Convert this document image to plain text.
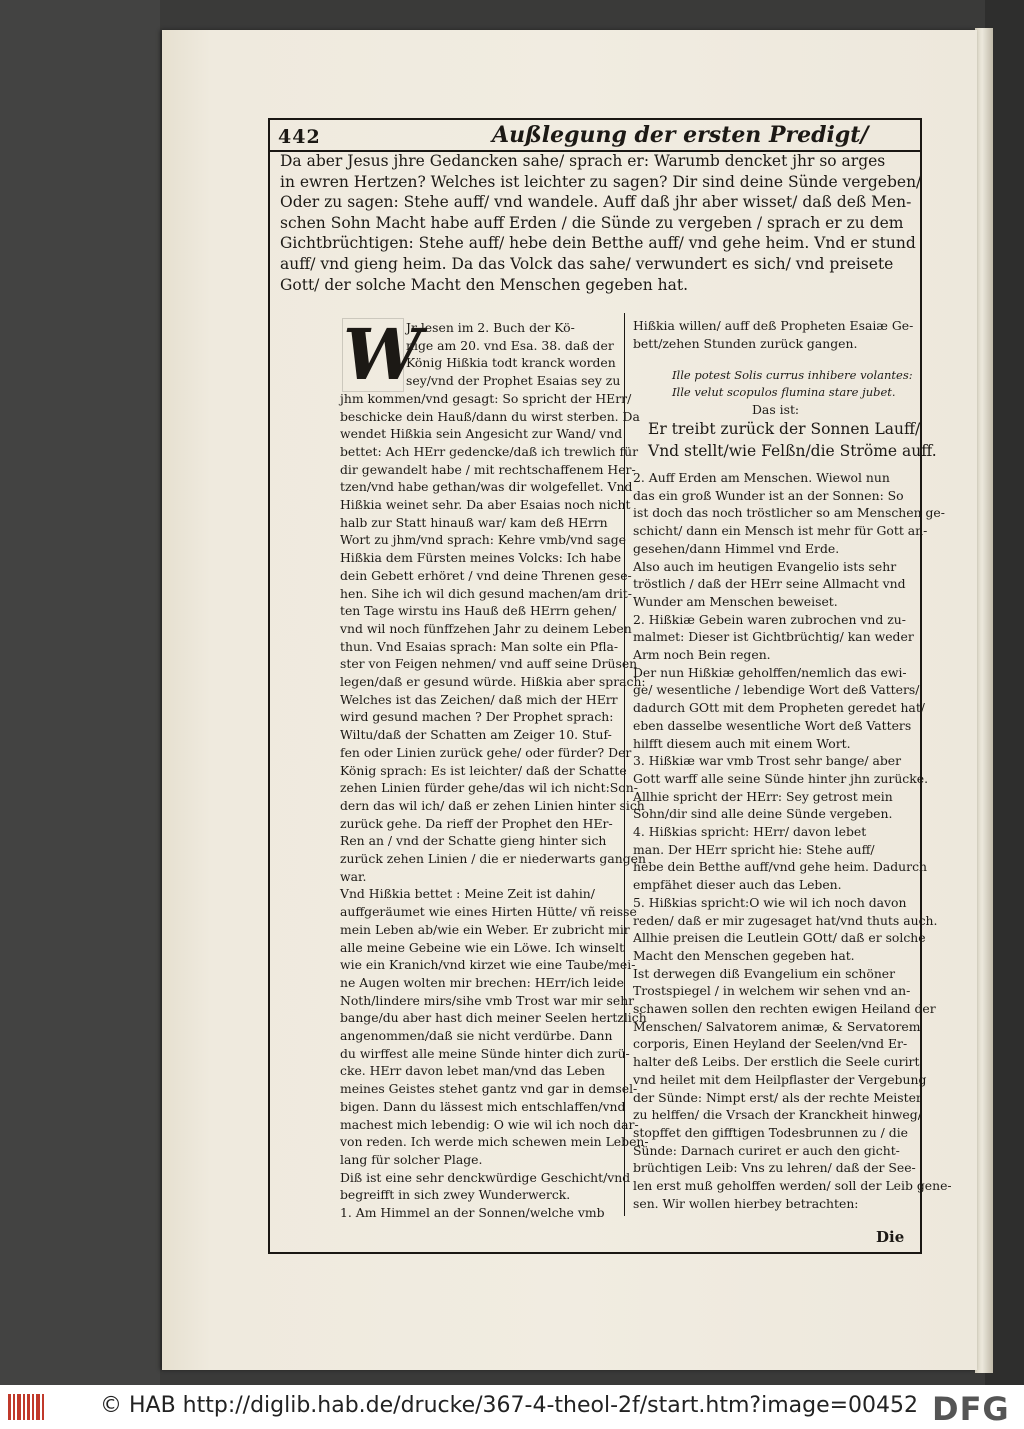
442	Außlegung der ersten Predigt/
Da aber Jesus jhre Gedancken sahe/ sprach er: Warumb dencket jhr so arges
in ewren Hertzen? Welches ist leichter zu sagen? Dir sind deine Sünde vergeben/
Oder zu sagen: Stehe auff/ vnd wandele. Auff daß jhr aber wisset/ daß deß Men-
schen Sohn Macht habe auff Erden / die Sünde zu vergeben / sprach er zu dem
Gichtbrüchtigen: Stehe auff/ hebe dein Betthe auff/ vnd gehe heim. Vnd er stund
auff/ vnd gieng heim. Da das Volck das sahe/ verwundert es sich/ vnd preisete
Gott/ der solche Macht den Menschen gegeben hat.
W
Jr lesen im 2. Buch der Kö-
nige am 20. vnd Esa. 38. daß der
König Hißkia todt kranck worden
sey/vnd der Prophet Esaias sey zu
jhm kommen/vnd gesagt: So spricht der HErr/
beschicke dein Hauß/dann du wirst sterben. Da
wendet Hißkia sein Angesicht zur Wand/ vnd
bettet: Ach HErr gedencke/daß ich trewlich für
dir gewandelt habe / mit rechtschaffenem Her-
tzen/vnd habe gethan/was dir wolgefellet. Vnd
Hißkia weinet sehr. Da aber Esaias noch nicht
halb zur Statt hinauß war/ kam deß HErrn
Wort zu jhm/vnd sprach: Kehre vmb/vnd sage
Hißkia dem Fürsten meines Volcks: Ich habe
dein Gebett erhöret / vnd deine Threnen gese-
hen. Sihe ich wil dich gesund machen/am drit-
ten Tage wirstu ins Hauß deß HErrn gehen/
vnd wil noch fünffzehen Jahr zu deinem Leben
thun. Vnd Esaias sprach: Man solte ein Pfla-
ster von Feigen nehmen/ vnd auff seine Drüsen
legen/daß er gesund würde. Hißkia aber sprach:
Welches ist das Zeichen/ daß mich der HErr
wird gesund machen ? Der Prophet sprach:
Wiltu/daß der Schatten am Zeiger 10. Stuf-
fen oder Linien zurück gehe/ oder fürder? Der
König sprach: Es ist leichter/ daß der Schatte
zehen Linien fürder gehe/das wil ich nicht:Son-
dern das wil ich/ daß er zehen Linien hinter sich
zurück gehe. Da rieff der Prophet den HEr-
Ren an / vnd der Schatte gieng hinter sich
zurück zehen Linien / die er niederwarts gangen
war.
Vnd Hißkia bettet : Meine Zeit ist dahin/
auffgeräumet wie eines Hirten Hütte/ vñ reisse
mein Leben ab/wie ein Weber. Er zubricht mir
alle meine Gebeine wie ein Löwe. Ich winselt
wie ein Kranich/vnd kirzet wie eine Taube/mei-
ne Augen wolten mir brechen: HErr/ich leide
Noth/lindere mirs/sihe vmb Trost war mir sehr
bange/du aber hast dich meiner Seelen hertzlich
angenommen/daß sie nicht verdürbe. Dann
du wirffest alle meine Sünde hinter dich zurü-
cke. HErr davon lebet man/vnd das Leben
meines Geistes stehet gantz vnd gar in demsel-
bigen. Dann du lässest mich entschlaffen/vnd
machest mich lebendig: O wie wil ich noch dar-
von reden. Ich werde mich schewen mein Leben-
lang für solcher Plage.
Diß ist eine sehr denckwürdige Geschicht/vnd
begreifft in sich zwey Wunderwerck.
1. Am Himmel an der Sonnen/welche vmb
Hißkia willen/ auff deß Propheten Esaiæ Ge-
bett/zehen Stunden zurück gangen.
Ille potest Solis currus inhibere volantes:
Ille velut scopulos flumina stare jubet.
Das ist:
Er treibt zurück der Sonnen Lauff/
Vnd stellt/wie Felßn/die Ströme auff.
2. Auff Erden am Menschen. Wiewol nun
das ein groß Wunder ist an der Sonnen: So
ist doch das noch tröstlicher so am Menschen ge-
schicht/ dann ein Mensch ist mehr für Gott an-
gesehen/dann Himmel vnd Erde.
Also auch im heutigen Evangelio ists sehr
tröstlich / daß der HErr seine Allmacht vnd
Wunder am Menschen beweiset.
2. Hißkiæ Gebein waren zubrochen vnd zu-
malmet: Dieser ist Gichtbrüchtig/ kan weder
Arm noch Bein regen.
Der nun Hißkiæ geholffen/nemlich das ewi-
ge/ wesentliche / lebendige Wort deß Vatters/
dadurch GOtt mit dem Propheten geredet hat/
eben dasselbe wesentliche Wort deß Vatters
hilfft diesem auch mit einem Wort.
3. Hißkiæ war vmb Trost sehr bange/ aber
Gott warff alle seine Sünde hinter jhn zurücke.
Allhie spricht der HErr: Sey getrost mein
Sohn/dir sind alle deine Sünde vergeben.
4. Hißkias spricht: HErr/ davon lebet
man. Der HErr spricht hie: Stehe auff/
hebe dein Betthe auff/vnd gehe heim. Dadurch
empfähet dieser auch das Leben.
5. Hißkias spricht:O wie wil ich noch davon
reden/ daß er mir zugesaget hat/vnd thuts auch.
Allhie preisen die Leutlein GOtt/ daß er solche
Macht den Menschen gegeben hat.
Ist derwegen diß Evangelium ein schöner
Trostspiegel / in welchem wir sehen vnd an-
schawen sollen den rechten ewigen Heiland der
Menschen/ Salvatorem animæ, & Servatorem
corporis, Einen Heyland der Seelen/vnd Er-
halter deß Leibs. Der erstlich die Seele curirt
vnd heilet mit dem Heilpflaster der Vergebung
der Sünde: Nimpt erst/ als der rechte Meister
zu helffen/ die Vrsach der Kranckheit hinweg/
stopffet den gifftigen Todesbrunnen zu / die
Sünde: Darnach curiret er auch den gicht-
brüchtigen Leib: Vns zu lehren/ daß der See-
len erst muß geholffen werden/ soll der Leib gene-
sen. Wir wollen hierbey betrachten:
Die
© HAB http://diglib.hab.de/drucke/367-4-theol-2f/start.htm?image=00452 DFG
